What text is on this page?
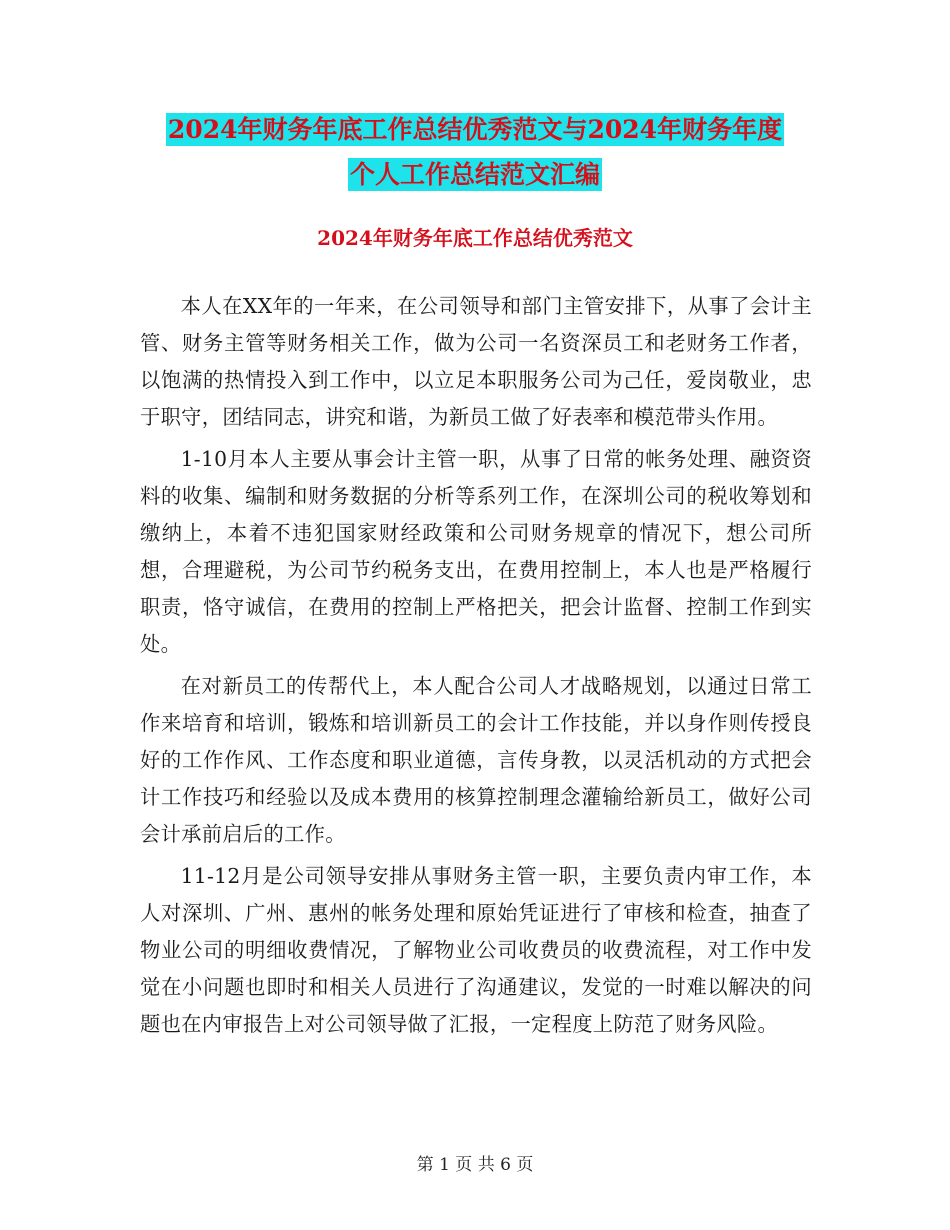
2024年财务年底工作总结优秀范文与2024年财务年度
个人工作总结范文汇编
2024年财务年底工作总结优秀范文

本人在XX年的一年来，在公司领导和部门主管安排下，从事了会计主管、财务主管等财务相关工作，做为公司一名资深员工和老财务工作者，以饱满的热情投入到工作中，以立足本职服务公司为己任，爱岗敬业，忠于职守，团结同志，讲究和谐，为新员工做了好表率和模范带头作用。

1-10月本人主要从事会计主管一职，从事了日常的帐务处理、融资资料的收集、编制和财务数据的分析等系列工作，在深圳公司的税收筹划和缴纳上，本着不违犯国家财经政策和公司财务规章的情况下，想公司所想，合理避税，为公司节约税务支出，在费用控制上，本人也是严格履行职责，恪守诚信，在费用的控制上严格把关，把会计监督、控制工作到实处。

在对新员工的传帮代上，本人配合公司人才战略规划，以通过日常工作来培育和培训，锻炼和培训新员工的会计工作技能，并以身作则传授良好的工作作风、工作态度和职业道德，言传身教，以灵活机动的方式把会计工作技巧和经验以及成本费用的核算控制理念灌输给新员工，做好公司会计承前启后的工作。

11-12月是公司领导安排从事财务主管一职，主要负责内审工作，本人对深圳、广州、惠州的帐务处理和原始凭证进行了审核和检查，抽查了物业公司的明细收费情况，了解物业公司收费员的收费流程，对工作中发觉在小问题也即时和相关人员进行了沟通建议，发觉的一时难以解决的问题也在内审报告上对公司领导做了汇报，一定程度上防范了财务风险。

第 1 页 共 6 页
